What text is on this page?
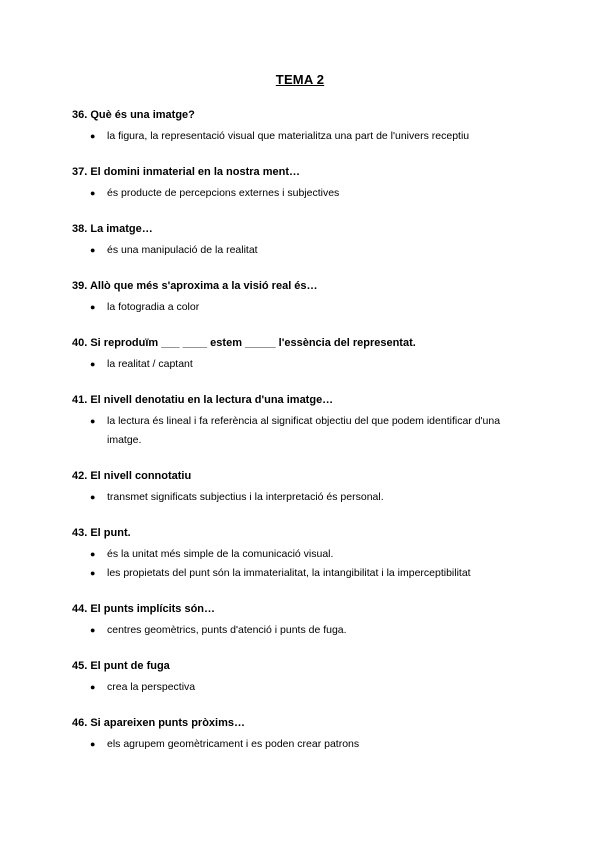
TEMA 2
36. Què és una imatge?
● la figura, la representació visual que materialitza una part de l'univers receptiu
37. El domini inmaterial en la nostra ment…
● és producte de percepcions externes i subjectives
38. La imatge…
● és una manipulació de la realitat
39. Allò que més s'aproxima a la visió real és…
● la fotogradia a color
40. Si reproduïm ___ ____ estem _____ l'essència del representat.
● la realitat / captant
41. El nivell denotatiu en la lectura d'una imatge…
● la lectura és lineal i fa referència al significat objectiu del que podem identificar d'una imatge.
42. El nivell connotatiu
● transmet significats subjectius i la interpretació és personal.
43. El punt.
● és la unitat més simple de la comunicació visual.
● les propietats del punt són la immaterialitat, la intangibilitat i la imperceptibilitat
44. El punts implícits són…
● centres geomètrics, punts d'atenció i punts de fuga.
45. El punt de fuga
● crea la perspectiva
46. Si apareixen punts pròxims…
● els agrupem geomètricament i es poden crear patrons
